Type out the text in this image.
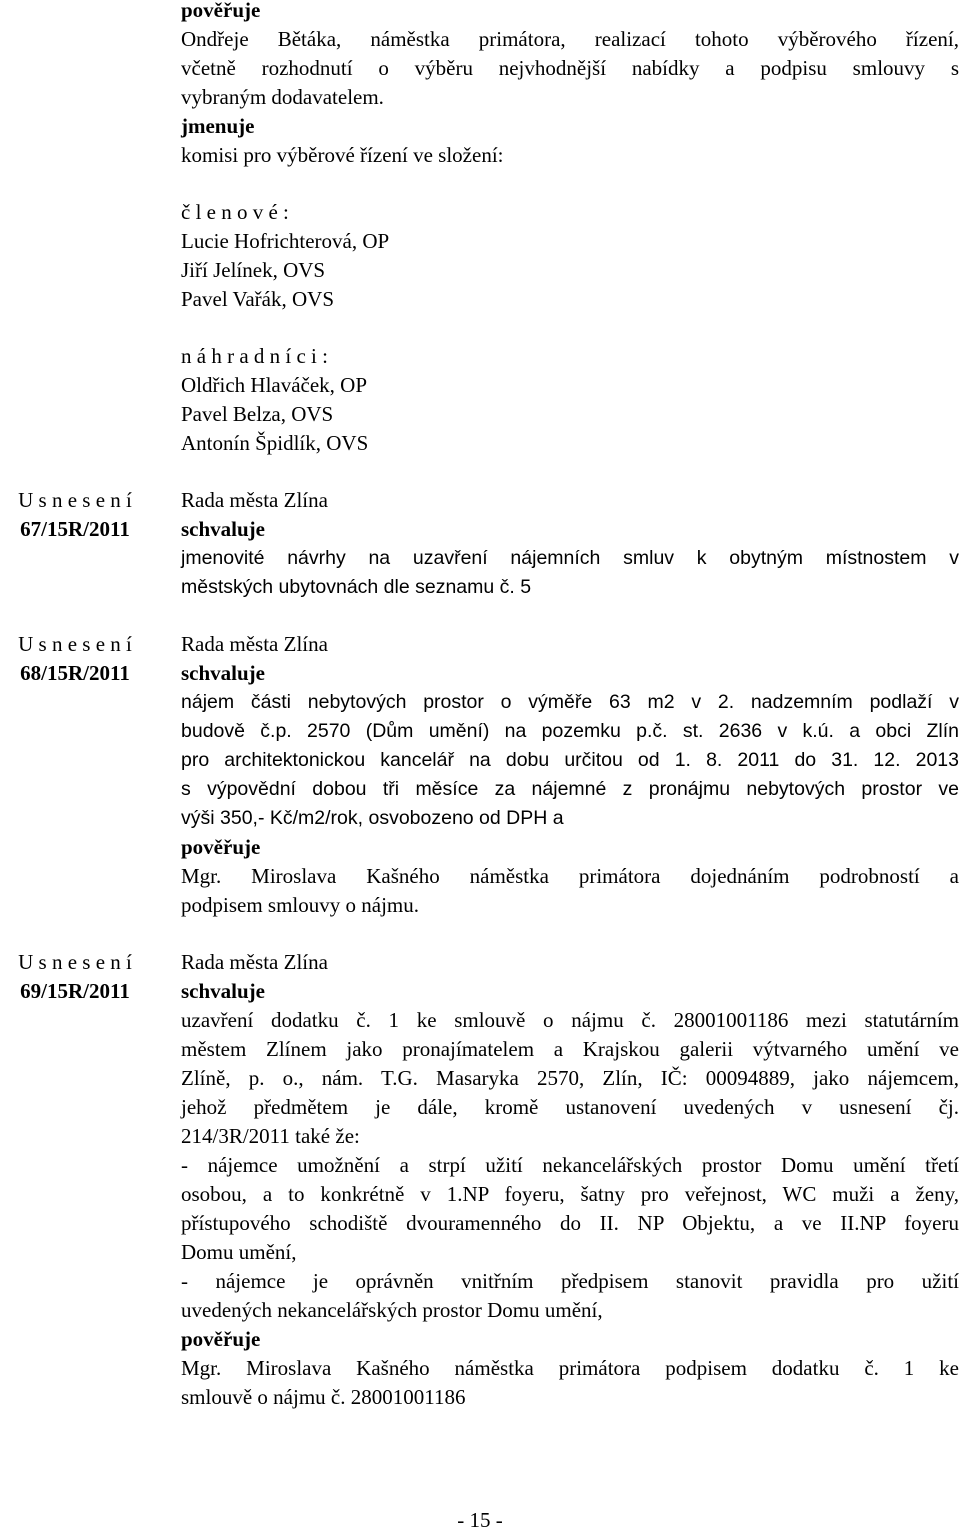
pověřuje
Ondřeje Bětáka, náměstka primátora, realizací tohoto výběrového řízení,
včetně rozhodnutí o výběru nejvhodnější nabídky a podpisu smlouvy s
vybraným dodavatelem.
jmenuje
komisi pro výběrové řízení ve složení:
č l e n o v é :
Lucie Hofrichterová, OP
Jiří Jelínek, OVS
Pavel Vařák, OVS
n á h r a d n í c i :
Oldřich Hlaváček, OP
Pavel Belza, OVS
Antonín Špidlík, OVS
U s n e s e n í
67/15R/2011
Rada města Zlína
schvaluje
jmenovité návrhy na uzavření nájemních smluv k obytným místnostem v
městských ubytovnách dle seznamu č. 5
U s n e s e n í
68/15R/2011
Rada města Zlína
schvaluje
nájem části nebytových prostor o výměře 63 m2 v 2. nadzemním podlaží v
budově č.p. 2570 (Dům umění) na pozemku p.č. st. 2636 v k.ú. a obci Zlín
pro architektonickou kancelář na dobu určitou od 1. 8. 2011 do 31. 12. 2013
s výpovědní dobou tři měsíce za nájemné z pronájmu nebytových prostor ve
výši 350,- Kč/m2/rok, osvobozeno od DPH a
pověřuje
Mgr. Miroslava Kašného náměstka primátora dojednáním podrobností a
podpisem smlouvy o nájmu.
U s n e s e n í
69/15R/2011
Rada města Zlína
schvaluje
uzavření dodatku č. 1 ke smlouvě o nájmu č. 28001001186 mezi statutárním
městem Zlínem jako pronajímatelem a Krajskou galerii výtvarného umění ve
Zlíně, p. o., nám. T.G. Masaryka 2570, Zlín, IČ: 00094889, jako nájemcem,
jehož předmětem je dále, kromě ustanovení uvedených v usnesení čj.
214/3R/2011 také že:
- nájemce umožnění a strpí užití nekancelářských prostor Domu umění třetí
osobou, a to konkrétně v 1.NP foyeru, šatny pro veřejnost, WC muži a ženy,
přístupového schodiště dvouramenného do II. NP Objektu, a ve II.NP foyeru
Domu umění,
- nájemce je oprávněn vnitřním předpisem stanovit pravidla pro užití
uvedených nekancelářských prostor Domu umění,
pověřuje
Mgr. Miroslava Kašného náměstka primátora podpisem dodatku č. 1 ke
smlouvě o nájmu č. 28001001186
- 15 -
